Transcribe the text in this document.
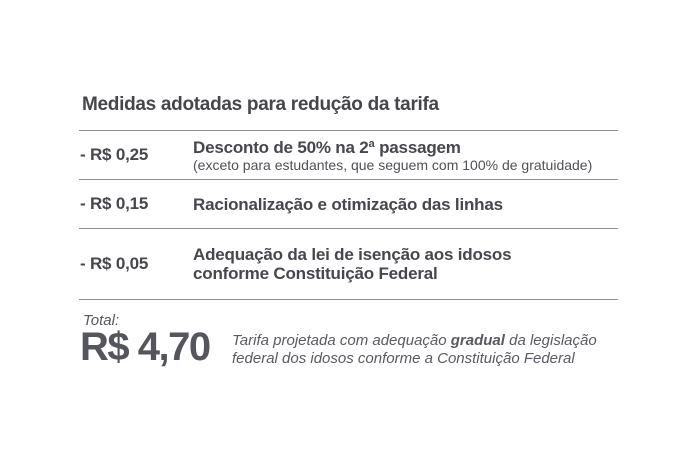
Medidas adotadas para redução da tarifa
- R$ 0,25	Desconto de 50% na 2ª passagem
(exceto para estudantes, que seguem com 100% de gratuidade)
- R$ 0,15	Racionalização e otimização das linhas
- R$ 0,05	Adequação da lei de isenção aos idosos conforme Constituição Federal
Total:
R$ 4,70	Tarifa projetada com adequação gradual da legislação
federal dos idosos conforme a Constituição Federal
